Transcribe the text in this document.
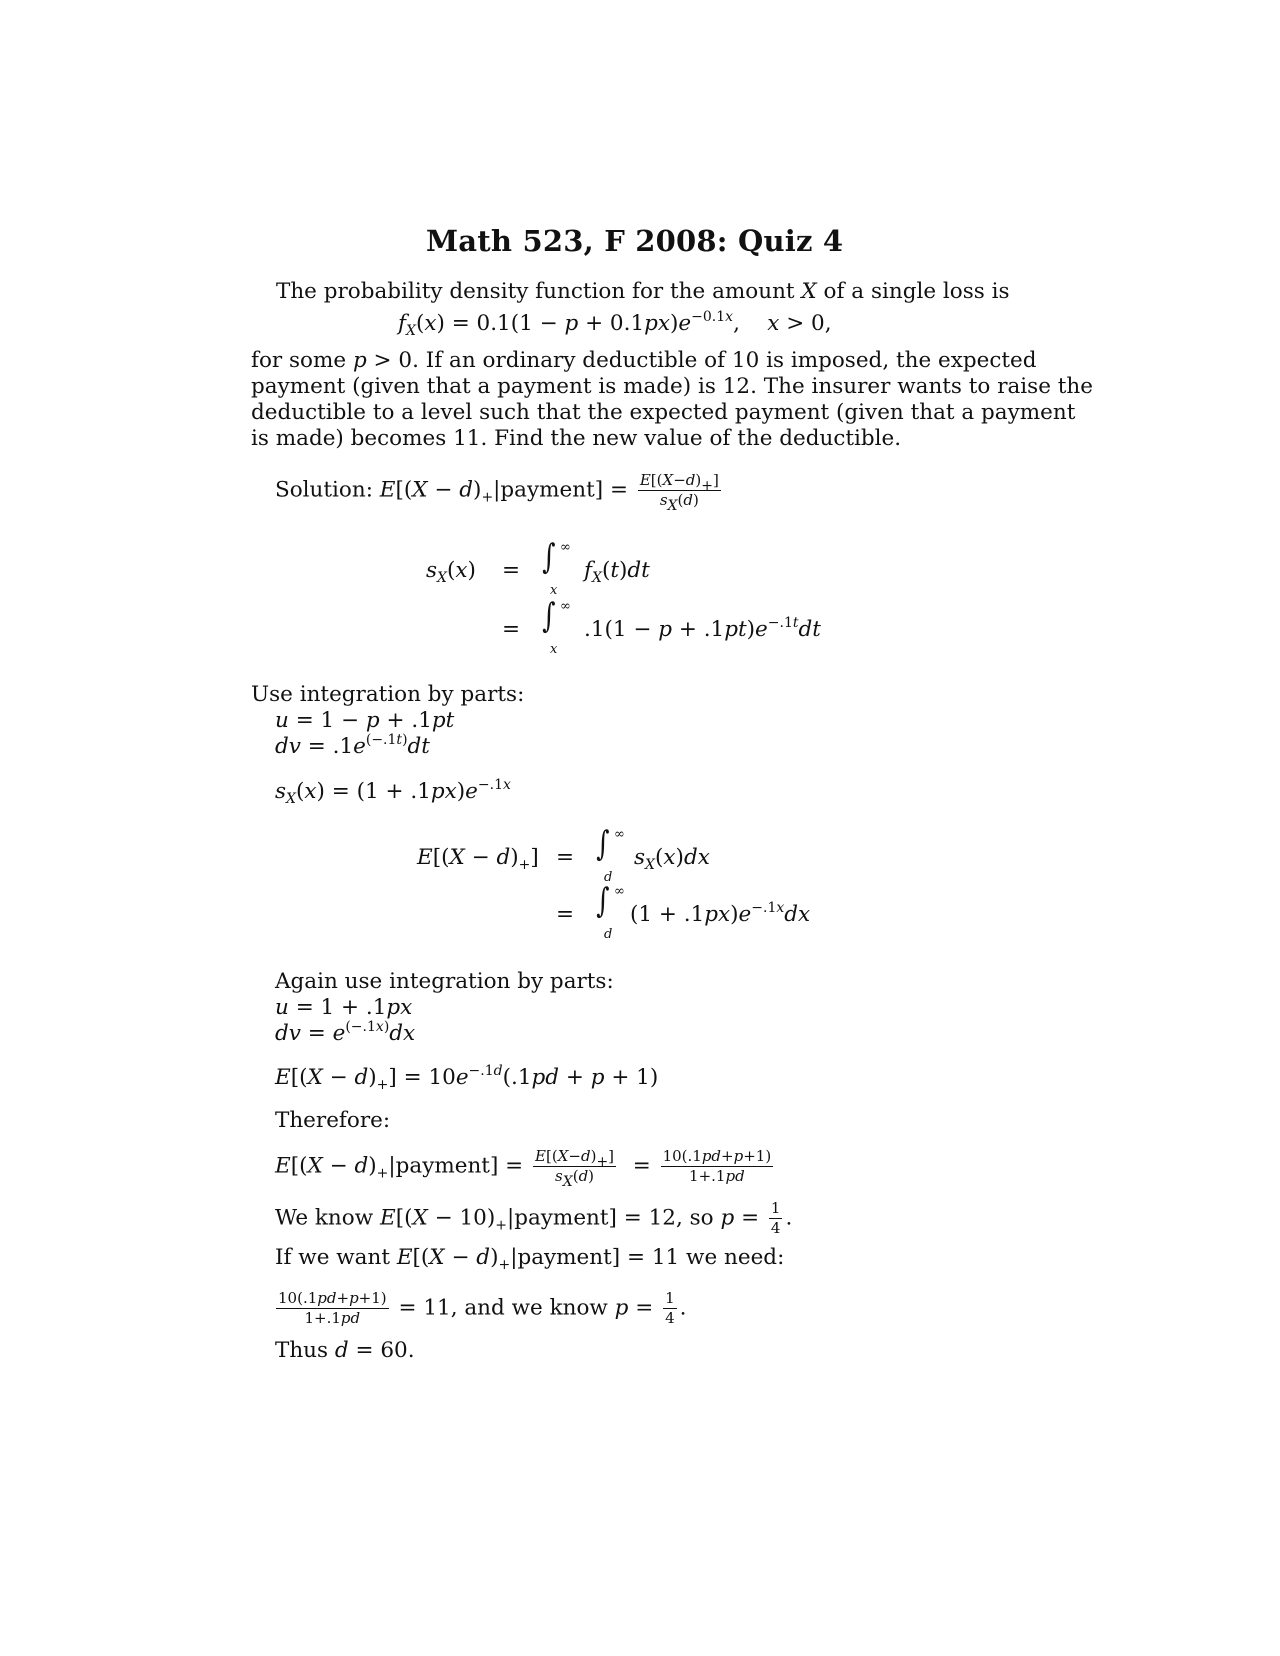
Math 523, F 2008: Quiz 4
The probability density function for the amount X of a single loss is
$f_X(x) = 0.1(1 - p + 0.1px)e^{-0.1x}$,    x > 0,
for some p > 0. If an ordinary deductible of 10 is imposed, the expected
payment (given that a payment is made) is 12. The insurer wants to raise the
deductible to a level such that the expected payment (given that a payment
is made) becomes 11. Find the new value of the deductible.
Solution: $E[(X - d)_+|payment] = \frac{E[(X-d)_+]}{s_X(d)}$
$s_X(x)$ = ∫ ∞
x
$f_X(t)dt$
= ∫ ∞
x
$.1(1 - p + .1pt)e^{-.1t}dt$
Use integration by parts:
u = 1 − p + .1pt
dv = $.1e^{(-.1t)}dt$
$s_X(x) = (1 + .1px)e^{-.1x}$
$E[(X - d)_+]$ = ∫ ∞
d
$s_X(x)dx$
= ∫ ∞
d
$(1 + .1px)e^{-.1x}dx$
Again use integration by parts:
u = 1 + .1px
dv = $e^{(-.1x)}dx$
$E[(X - d)_+] = 10e^{-.1d}(.1pd + p + 1)$
Therefore:
$E[(X - d)_+|payment] = \frac{E[(X-d)_+]}{s_X(d)} = \frac{10(.1pd+p+1)}{1+.1pd}$
We know $E[(X - 10)_+|payment] = 12$, so $p = \frac{1}{4}$ .
If we want $E[(X - d)_+|payment] = 11$ we need:
$\frac{10(.1pd+p+1)}{1+.1pd} = 11$, and we know $p = \frac{1}{4}$ .
Thus d = 60.
